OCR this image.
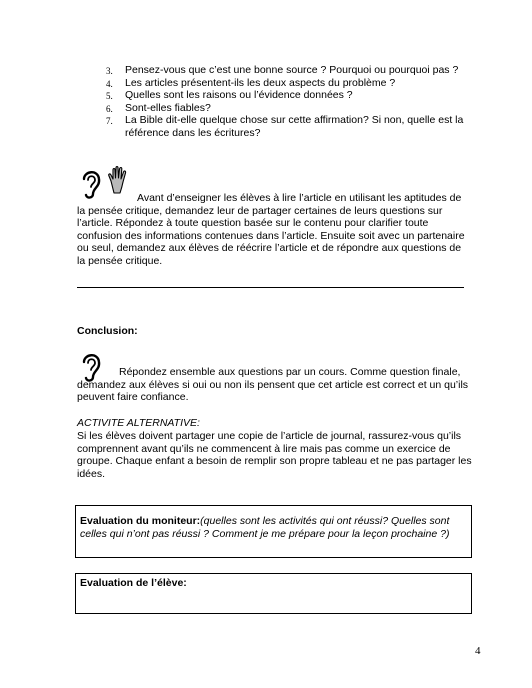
3. Pensez-vous que c’est une bonne source ? Pourquoi ou pourquoi pas ?
4. Les articles présentent-ils les deux aspects du problème ?
5. Quelles sont les raisons ou l’évidence données ?
6. Sont-elles fiables?
7. La Bible dit-elle quelque chose sur cette affirmation? Si non, quelle est la référence dans les écritures?

Avant d’enseigner les élèves à lire l’article en utilisant les aptitudes de la pensée critique, demandez leur de partager certaines de leurs questions sur l’article. Répondez à toute question basée sur le contenu pour clarifier toute confusion des informations contenues dans l’article. Ensuite soit avec un partenaire ou seul, demandez aux élèves de réécrire l’article et de répondre aux questions de la pensée critique.

Conclusion:

Répondez ensemble aux questions par un cours. Comme question finale, demandez aux élèves si oui ou non ils pensent que cet article est correct et un qu’ils peuvent faire confiance.

ACTIVITE ALTERNATIVE:

Si les élèves doivent partager une copie de l’article de journal, rassurez-vous qu’ils comprennent avant qu’ils ne commencent à lire mais pas comme un exercice de groupe. Chaque enfant a besoin de remplir son propre tableau et ne pas partager les idées.

Evaluation du moniteur:(quelles sont les activités qui ont réussi? Quelles sont celles qui n’ont pas réussi ? Comment je me prépare pour la leçon prochaine ?)

Evaluation de l’élève:

4
